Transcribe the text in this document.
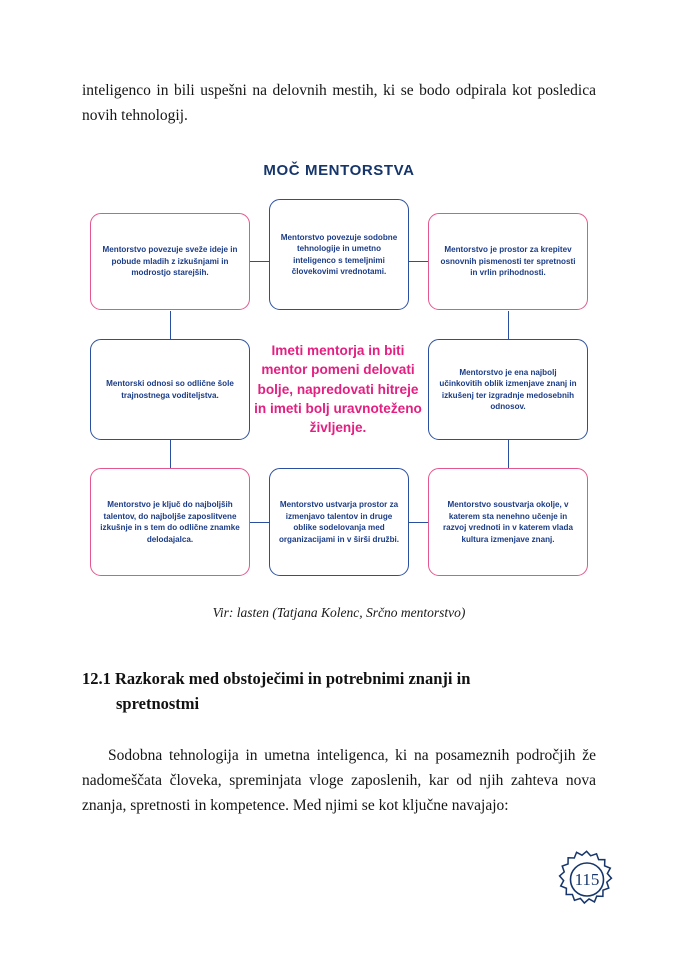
inteligenco in bili uspešni na delovnih mestih, ki se bodo odpirala kot posledica novih tehnologij.

MOČ MENTORSTVA
Mentorstvo povezuje sveže ideje in pobude mladih z izkušnjami in modrostjo starejših.
Mentorstvo povezuje sodobne tehnologije in umetno inteligenco s temeljnimi človekovimi vrednotami.
Mentorstvo je prostor za krepitev osnovnih pismenosti ter spretnosti in vrlin prihodnosti.
Mentorski odnosi so odlične šole trajnostnega voditeljstva.
Imeti mentorja in biti mentor pomeni delovati bolje, napredovati hitreje in imeti bolj uravnoteženo življenje.
Mentorstvo je ena najbolj učinkovitih oblik izmenjave znanj in izkušenj ter izgradnje medosebnih odnosov.
Mentorstvo je ključ do najboljših talentov, do najboljše zaposlitvene izkušnje in s tem do odlične znamke delodajalca.
Mentorstvo ustvarja prostor za izmenjavo talentov in druge oblike sodelovanja med organizacijami in v širši družbi.
Mentorstvo soustvarja okolje, v katerem sta nenehno učenje in razvoj vrednoti in v katerem vlada kultura izmenjave znanj.

Vir: lasten (Tatjana Kolenc, Srčno mentorstvo)

12.1 Razkorak med obstoječimi in potrebnimi znanji in
spretnostmi

Sodobna tehnologija in umetna inteligenca, ki na posameznih področjih že nadomeščata človeka, spreminjata vloge zaposlenih, kar od njih zahteva nova znanja, spretnosti in kompetence. Med njimi se kot ključne navajajo:

115
